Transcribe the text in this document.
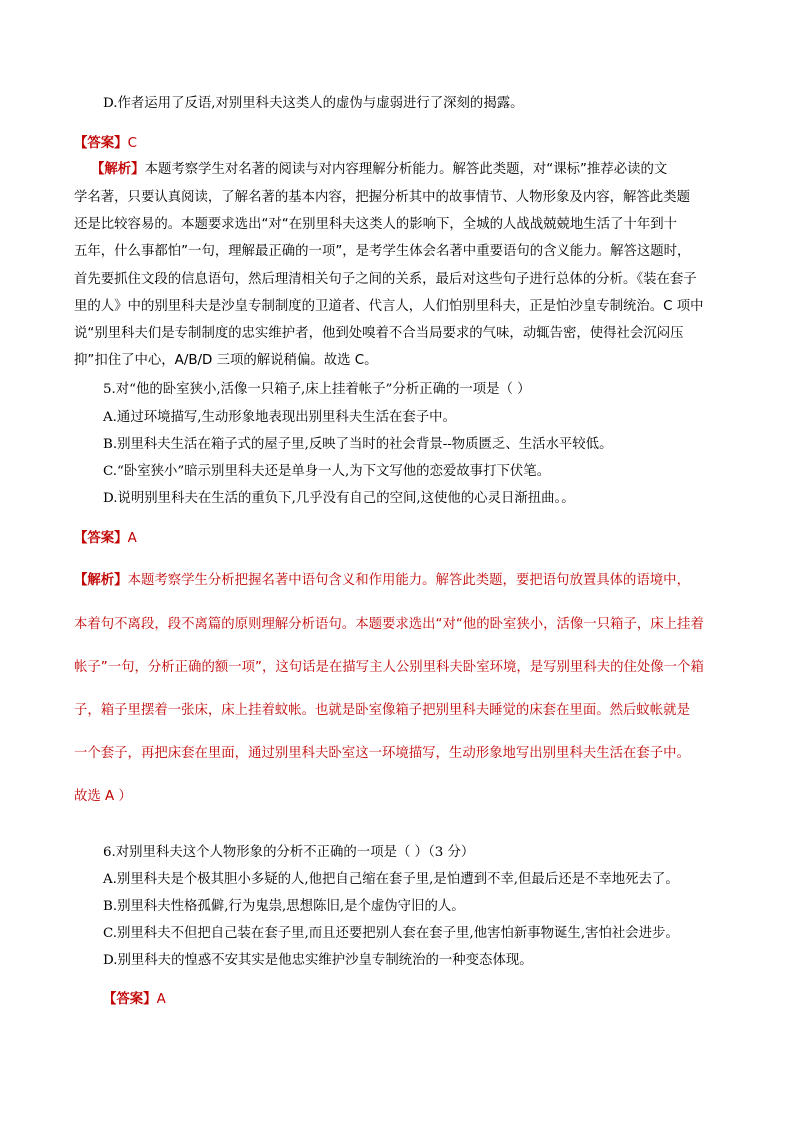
D.作者运用了反语,对别里科夫这类人的虚伪与虚弱进行了深刻的揭露。
【答案】C
【解析】本题考察学生对名著的阅读与对内容理解分析能力。解答此类题，对“课标”推荐必读的文
学名著，只要认真阅读，了解名著的基本内容，把握分析其中的故事情节、人物形象及内容，解答此类题
还是比较容易的。本题要求选出“对“在别里科夫这类人的影响下，全城的人战战兢兢地生活了十年到十
五年，什么事都怕”一句，理解最正确的一项”，是考学生体会名著中重要语句的含义能力。解答这题时，
首先要抓住文段的信息语句，然后理清相关句子之间的关系，最后对这些句子进行总体的分析。《装在套子
里的人》中的别里科夫是沙皇专制制度的卫道者、代言人，人们怕别里科夫，正是怕沙皇专制统治。C 项中
说“别里科夫们是专制制度的忠实维护者，他到处嗅着不合当局要求的气味，动辄告密，使得社会沉闷压
抑”扣住了中心，A/B/D 三项的解说稍偏。故选 C。
5.对“他的卧室狭小,活像一只箱子,床上挂着帐子”分析正确的一项是（ ）
A.通过环境描写,生动形象地表现出别里科夫生活在套子中。
B.别里科夫生活在箱子式的屋子里,反映了当时的社会背景--物质匮乏、生活水平较低。
C.“卧室狭小”暗示别里科夫还是单身一人,为下文写他的恋爱故事打下伏笔。
D.说明别里科夫在生活的重负下,几乎没有自己的空间,这使他的心灵日渐扭曲。。
【答案】A
【解析】本题考察学生分析把握名著中语句含义和作用能力。解答此类题，要把语句放置具体的语境中，
本着句不离段，段不离篇的原则理解分析语句。本题要求选出“对“他的卧室狭小，活像一只箱子，床上挂着
帐子”一句，分析正确的额一项”，这句话是在描写主人公别里科夫卧室环境，是写别里科夫的住处像一个箱
子，箱子里摆着一张床，床上挂着蚊帐。也就是卧室像箱子把别里科夫睡觉的床套在里面。然后蚊帐就是
一个套子，再把床套在里面，通过别里科夫卧室这一环境描写，生动形象地写出别里科夫生活在套子中。
故选 A ）
6.对别里科夫这个人物形象的分析不正确的一项是（ ）（3 分）
A.别里科夫是个极其胆小多疑的人,他把自己缩在套子里,是怕遭到不幸,但最后还是不幸地死去了。
B.别里科夫性格孤僻,行为鬼祟,思想陈旧,是个虚伪守旧的人。
C.别里科夫不但把自己装在套子里,而且还要把别人套在套子里,他害怕新事物诞生,害怕社会进步。
D.别里科夫的惶惑不安其实是他忠实维护沙皇专制统治的一种变态体现。
【答案】A
